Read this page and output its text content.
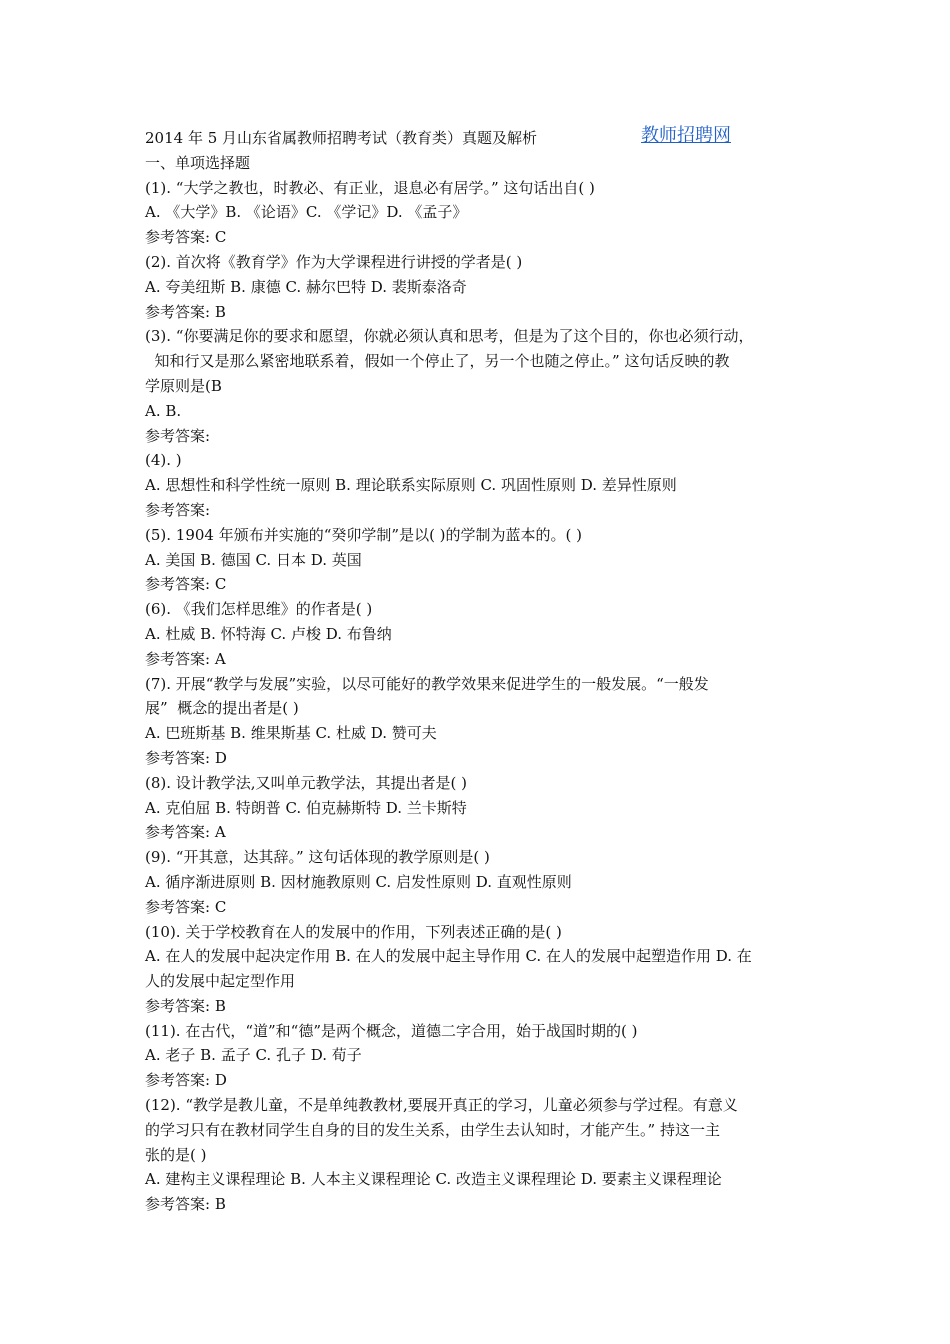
2014 年 5 月山东省属教师招聘考试（教育类）真题及解析	教师招聘网
一、单项选择题
(1). “大学之教也，时教必、有正业，退息必有居学。” 这句话出自( )
A. 《大学》B. 《论语》C. 《学记》D. 《孟子》
参考答案: C
(2). 首次将《教育学》作为大学课程进行讲授的学者是( )
A. 夸美纽斯 B. 康德 C. 赫尔巴特 D. 裴斯泰洛奇
参考答案: B
(3). “你要满足你的要求和愿望，你就必须认真和思考，但是为了这个目的，你也必须行动，
知和行又是那么紧密地联系着，假如一个停止了，另一个也随之停止。” 这句话反映的教
学原则是(B
A. B.
参考答案:
(4). )
A. 思想性和科学性统一原则 B. 理论联系实际原则 C. 巩固性原则 D. 差异性原则
参考答案:
(5). 1904 年颁布并实施的“癸卯学制”是以( )的学制为蓝本的。( )
A. 美国 B. 德国 C. 日本 D. 英国
参考答案: C
(6). 《我们怎样思维》的作者是( )
A. 杜威 B. 怀特海 C. 卢梭 D. 布鲁纳
参考答案: A
(7). 开展“教学与发展”实验，以尽可能好的教学效果来促进学生的一般发展。“一般发
展”  概念的提出者是( )
A. 巴班斯基 B. 维果斯基 C. 杜威 D. 赞可夫
参考答案: D
(8). 设计教学法,又叫单元教学法，其提出者是( )
A. 克伯屈 B. 特朗普 C. 伯克赫斯特 D. 兰卡斯特
参考答案: A
(9). “开其意，达其辞。” 这句话体现的教学原则是( )
A. 循序渐进原则 B. 因材施教原则 C. 启发性原则 D. 直观性原则
参考答案: C
(10). 关于学校教育在人的发展中的作用，下列表述正确的是( )
A. 在人的发展中起决定作用 B. 在人的发展中起主导作用 C. 在人的发展中起塑造作用 D. 在
人的发展中起定型作用
参考答案: B
(11). 在古代，“道”和“德”是两个概念，道德二字合用，始于战国时期的( )
A. 老子 B. 孟子 C. 孔子 D. 荀子
参考答案: D
(12). “教学是教儿童，不是单纯教教材,要展开真正的学习，儿童必须参与学过程。有意义
的学习只有在教材同学生自身的目的发生关系，由学生去认知时，才能产生。” 持这一主
张的是( )
A. 建构主义课程理论 B. 人本主义课程理论 C. 改造主义课程理论 D. 要素主义课程理论
参考答案: B
